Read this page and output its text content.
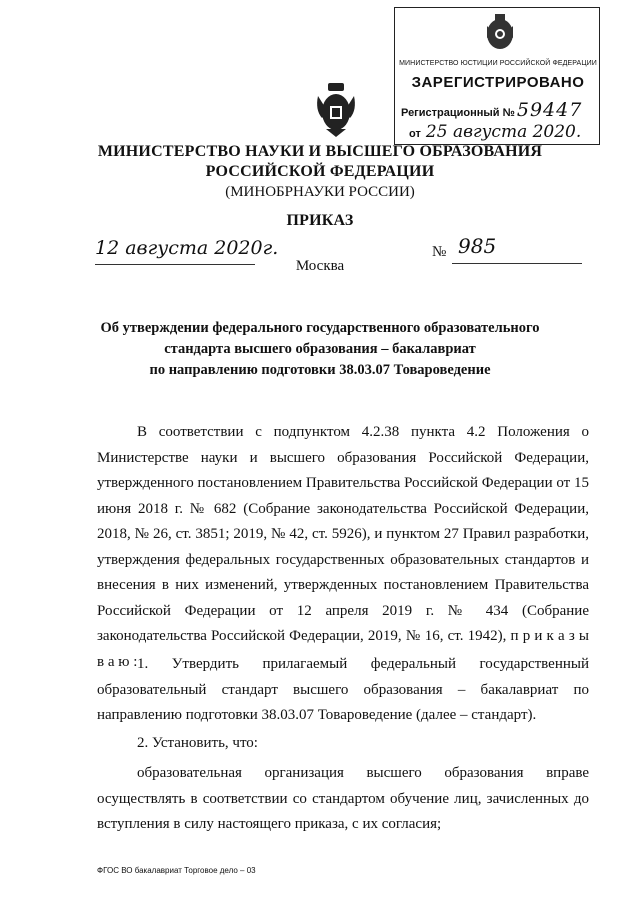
МИНИСТЕРСТВО ЮСТИЦИИ РОССИЙСКОЙ ФЕДЕРАЦИИ
ЗАРЕГИСТРИРОВАНО
Регистрационный № 59447
от 25 августа 2020.
МИНИСТЕРСТВО НАУКИ И ВЫСШЕГО ОБРАЗОВАНИЯ
РОССИЙСКОЙ ФЕДЕРАЦИИ
(МИНОБРНАУКИ РОССИИ)
ПРИКАЗ
12 августа 2020г.	№ 985
Москва
Об утверждении федерального государственного образовательного
стандарта высшего образования – бакалавриат
по направлению подготовки 38.03.07 Товароведение
В соответствии с подпунктом 4.2.38 пункта 4.2 Положения о Министерстве науки и высшего образования Российской Федерации, утвержденного постановлением Правительства Российской Федерации от 15 июня 2018 г. № 682 (Собрание законодательства Российской Федерации, 2018, № 26, ст. 3851; 2019, № 42, ст. 5926), и пунктом 27 Правил разработки, утверждения федеральных государственных образовательных стандартов и внесения в них изменений, утвержденных постановлением Правительства Российской Федерации от 12 апреля 2019 г. № 434 (Собрание законодательства Российской Федерации, 2019, № 16, ст. 1942), п р и к а з ы в а ю : 1. Утвердить прилагаемый федеральный государственный образовательный стандарт высшего образования – бакалавриат по направлению подготовки 38.03.07 Товароведение (далее – стандарт).
2. Установить, что:
образовательная организация высшего образования вправе осуществлять в соответствии со стандартом обучение лиц, зачисленных до вступления в силу настоящего приказа, с их согласия;
ФГОС ВО бакалавриат Торговое дело – 03
